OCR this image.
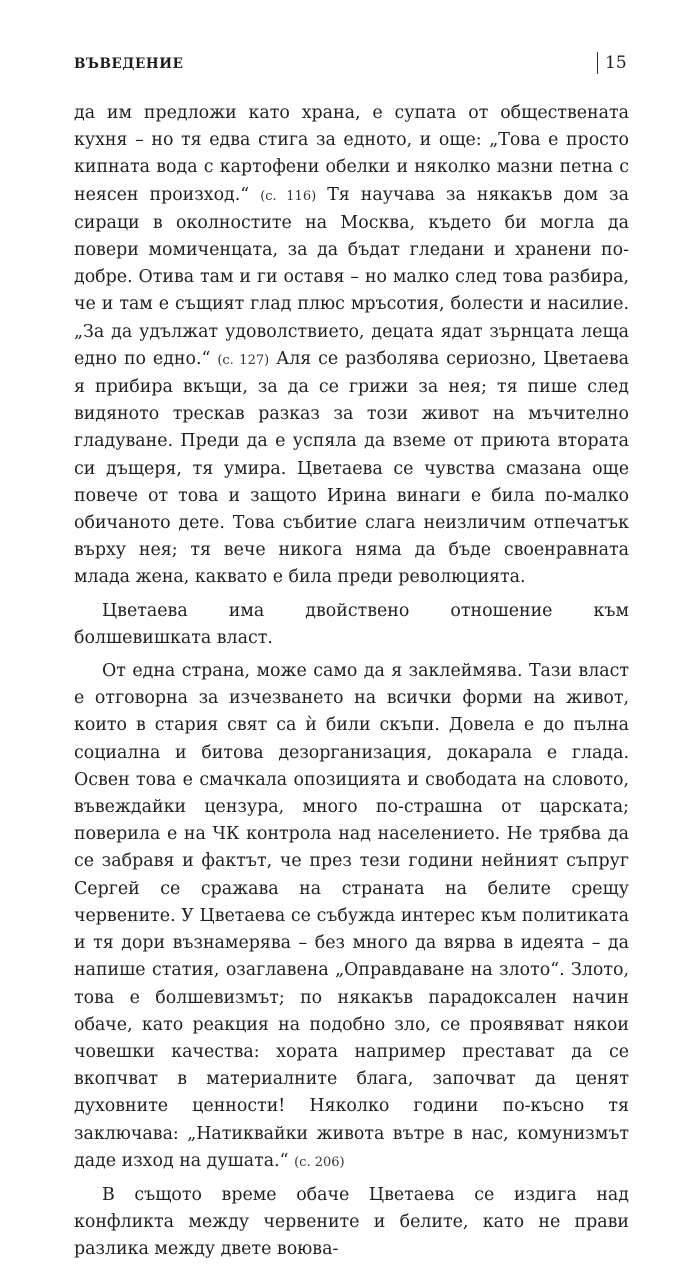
ВЪВЕДЕНИЕ	15

да им предложи като храна, е супата от обществената кухня – но тя едва стига за едното, и още: „Това е просто кипната вода с картофени обелки и няколко мазни петна с неясен произход.“ (с. 116) Тя научава за някакъв дом за сираци в околностите на Москва, където би могла да повери момиченцата, за да бъдат гледани и хранени по-добре. Отива там и ги оставя – но малко след това разбира, че и там е същият глад плюс мръсотия, болести и насилие. „За да удължат удоволствието, децата ядат зърнцата леща едно по едно.“ (с. 127) Аля се разболява сериозно, Цветаева я прибира вкъщи, за да се грижи за нея; тя пише след видяното трескав разказ за този живот на мъчително гладуване. Преди да е успяла да вземе от приюта втората си дъщеря, тя умира. Цветаева се чувства смазана още повече от това и защото Ирина винаги е била по-малко обичаното дете. Това събитие слага неизличим отпечатък върху нея; тя вече никога няма да бъде своенравната млада жена, каквато е била преди революцията.

Цветаева има двойствено отношение към болшевишката власт.

От една страна, може само да я заклеймява. Тази власт е отговорна за изчезването на всички форми на живот, които в стария свят са ѝ били скъпи. Довела е до пълна социална и битова дезорганизация, докарала е глада. Освен това е смачкала опозицията и свободата на словото, въвеждайки цензура, много по-страшна от царската; поверила е на ЧК контрола над населението. Не трябва да се забравя и фактът, че през тези години нейният съпруг Сергей се сражава на страната на белите срещу червените. У Цветаева се събужда интерес към политиката и тя дори възнамерява – без много да вярва в идеята – да напише статия, озаглавена „Оправдаване на злото“. Злото, това е болшевизмът; по някакъв парадоксален начин обаче, като реакция на подобно зло, се проявяват някои човешки качества: хората например престават да се вкопчват в материалните блага, започват да ценят духовните ценности! Няколко години по-късно тя заключава: „Натиквайки живота вътре в нас, комунизмът даде изход на душата.“ (с. 206)

В същото време обаче Цветаева се издига над конфликта между червените и белите, като не прави разлика между двете воюва-
